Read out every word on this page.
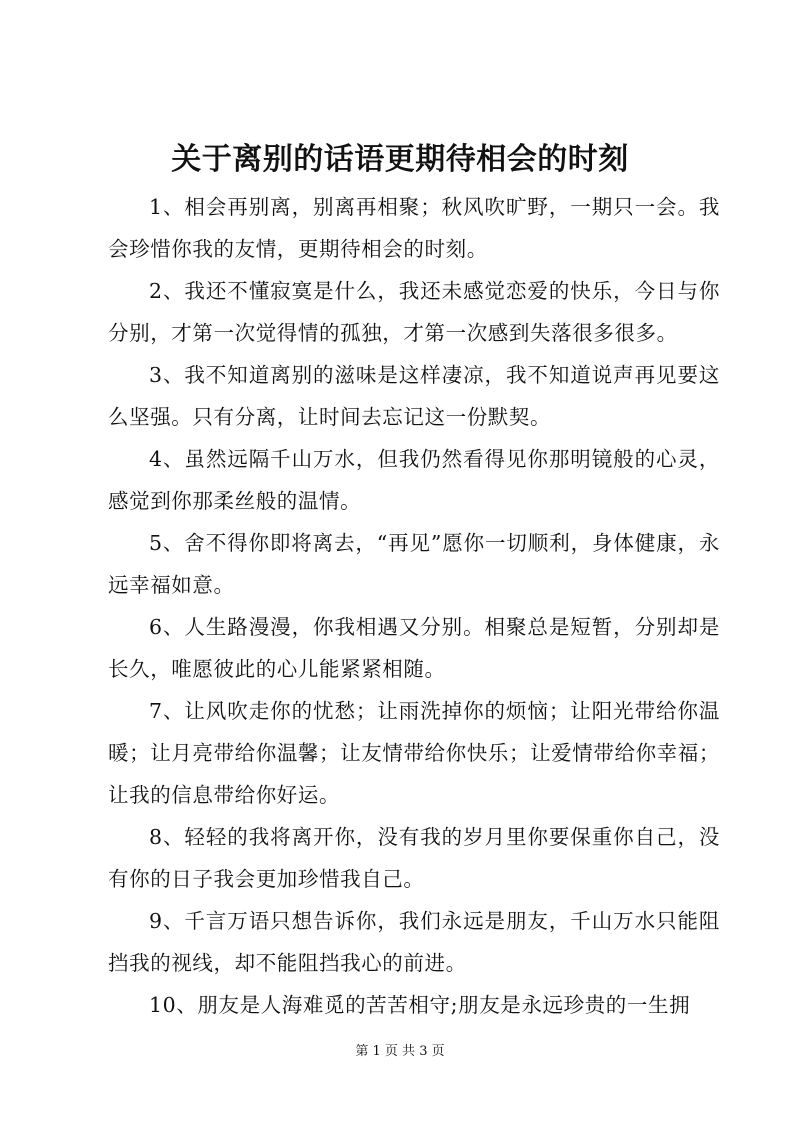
关于离别的话语更期待相会的时刻

1、相会再别离，别离再相聚；秋风吹旷野，一期只一会。我会珍惜你我的友情，更期待相会的时刻。

2、我还不懂寂寞是什么，我还未感觉恋爱的快乐，今日与你分别，才第一次觉得情的孤独，才第一次感到失落很多很多。

3、我不知道离别的滋味是这样凄凉，我不知道说声再见要这么坚强。只有分离，让时间去忘记这一份默契。

4、虽然远隔千山万水，但我仍然看得见你那明镜般的心灵，感觉到你那柔丝般的温情。

5、舍不得你即将离去，“再见”愿你一切顺利，身体健康，永远幸福如意。

6、人生路漫漫，你我相遇又分别。相聚总是短暂，分别却是长久，唯愿彼此的心儿能紧紧相随。

7、让风吹走你的忧愁；让雨洗掉你的烦恼；让阳光带给你温暖；让月亮带给你温馨；让友情带给你快乐；让爱情带给你幸福；让我的信息带给你好运。

8、轻轻的我将离开你，没有我的岁月里你要保重你自己，没有你的日子我会更加珍惜我自己。

9、千言万语只想告诉你，我们永远是朋友，千山万水只能阻挡我的视线，却不能阻挡我心的前进。

10、朋友是人海难觅的苦苦相守;朋友是永远珍贵的一生拥

第 1 页 共 3 页
